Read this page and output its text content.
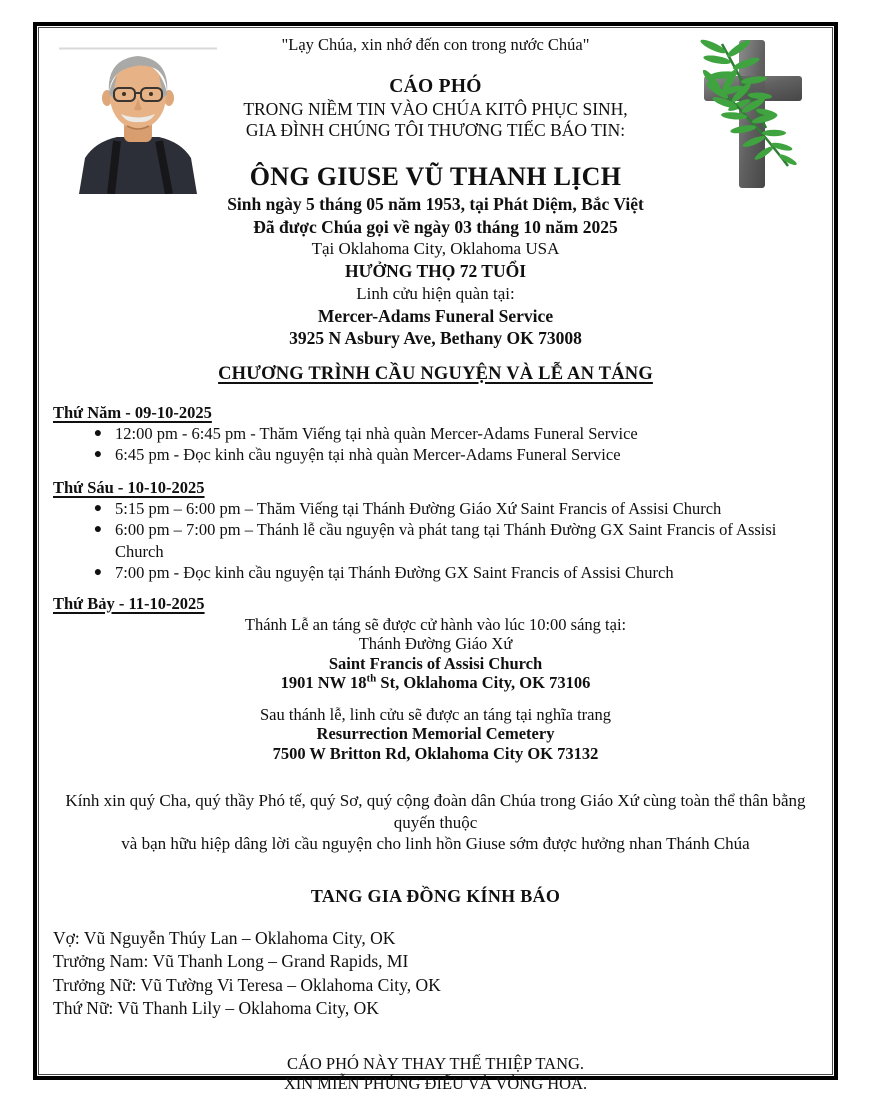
"Lạy Chúa, xin nhớ đến con trong nước Chúa"
CÁO PHÓ
TRONG NIỀM TIN VÀO CHÚA KITÔ PHỤC SINH,
GIA ĐÌNH CHÚNG TÔI THƯƠNG TIẾC BÁO TIN:
ÔNG GIUSE VŨ THANH LỊCH
Sinh ngày 5 tháng 05 năm 1953, tại Phát Diệm, Bắc Việt
Đã được Chúa gọi về ngày 03 tháng 10 năm 2025
Tại Oklahoma City, Oklahoma USA
HƯỞNG THỌ 72 TUỔI
Linh cửu hiện quàn tại:
Mercer-Adams Funeral Service
3925 N Asbury Ave, Bethany OK 73008
CHƯƠNG TRÌNH CẦU NGUYỆN VÀ LỄ AN TÁNG
Thứ Năm - 09-10-2025
● 12:00 pm - 6:45 pm - Thăm Viếng tại nhà quàn Mercer-Adams Funeral Service
● 6:45 pm - Đọc kinh cầu nguyện tại nhà quàn Mercer-Adams Funeral Service
Thứ Sáu - 10-10-2025
● 5:15 pm – 6:00 pm – Thăm Viếng tại Thánh Đường Giáo Xứ Saint Francis of Assisi Church
● 6:00 pm – 7:00 pm – Thánh lễ cầu nguyện và phát tang tại Thánh Đường GX Saint Francis of Assisi Church
● 7:00 pm - Đọc kinh cầu nguyện tại Thánh Đường GX Saint Francis of Assisi Church
Thứ Bảy - 11-10-2025
Thánh Lễ an táng sẽ được cử hành vào lúc 10:00 sáng tại:
Thánh Đường Giáo Xứ
Saint Francis of Assisi Church
1901 NW 18th St, Oklahoma City, OK 73106
Sau thánh lễ, linh cửu sẽ được an táng tại nghĩa trang
Resurrection Memorial Cemetery
7500 W Britton Rd, Oklahoma City OK 73132
Kính xin quý Cha, quý thầy Phó tế, quý Sơ, quý cộng đoàn dân Chúa trong Giáo Xứ cùng toàn thể thân bằng quyến thuộc
và bạn hữu hiệp dâng lời cầu nguyện cho linh hồn Giuse sớm được hưởng nhan Thánh Chúa
TANG GIA ĐỒNG KÍNH BÁO
Vợ: Vũ Nguyễn Thúy Lan – Oklahoma City, OK
Trưởng Nam: Vũ Thanh Long – Grand Rapids, MI
Trưởng Nữ: Vũ Tường Vi Teresa – Oklahoma City, OK
Thứ Nữ: Vũ Thanh Lily – Oklahoma City, OK
CÁO PHÓ NÀY THAY THẾ THIỆP TANG.
XIN MIỄN PHÚNG ĐIẾU VÀ VÒNG HOA.
